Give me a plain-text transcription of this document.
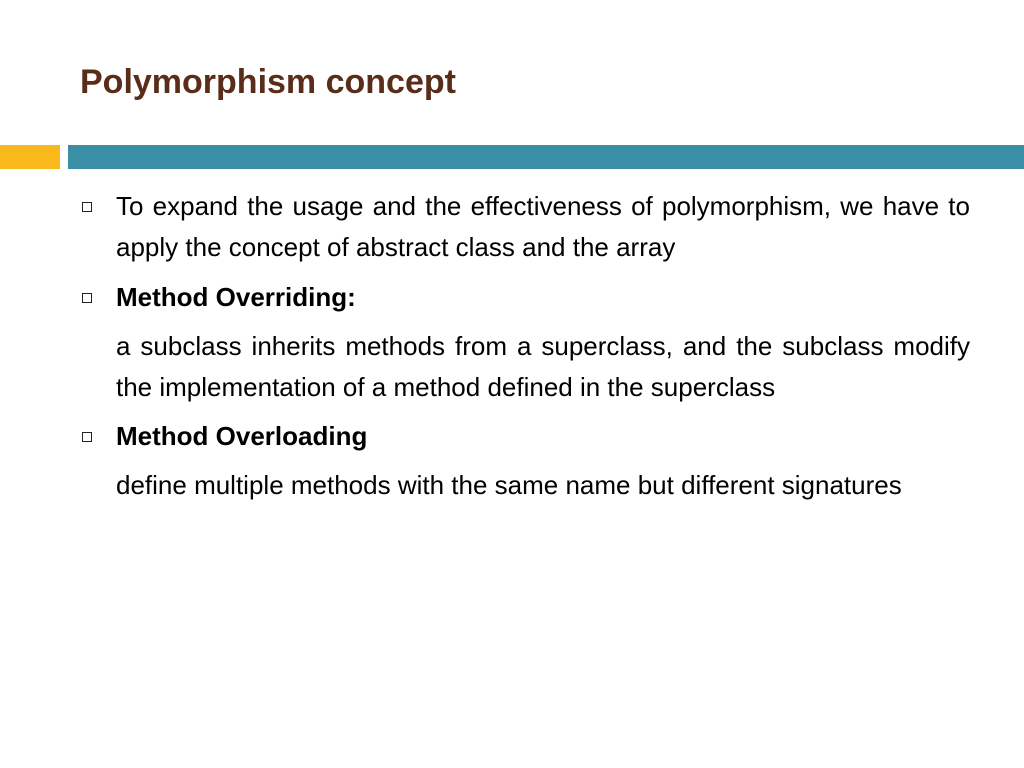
Polymorphism concept
To expand the usage and the effectiveness of polymorphism, we have to apply the concept of abstract class and the array
Method Overriding:
a subclass inherits methods from a superclass, and the subclass modify the implementation of a method defined in the superclass
Method Overloading
define multiple methods with the same name but different signatures
